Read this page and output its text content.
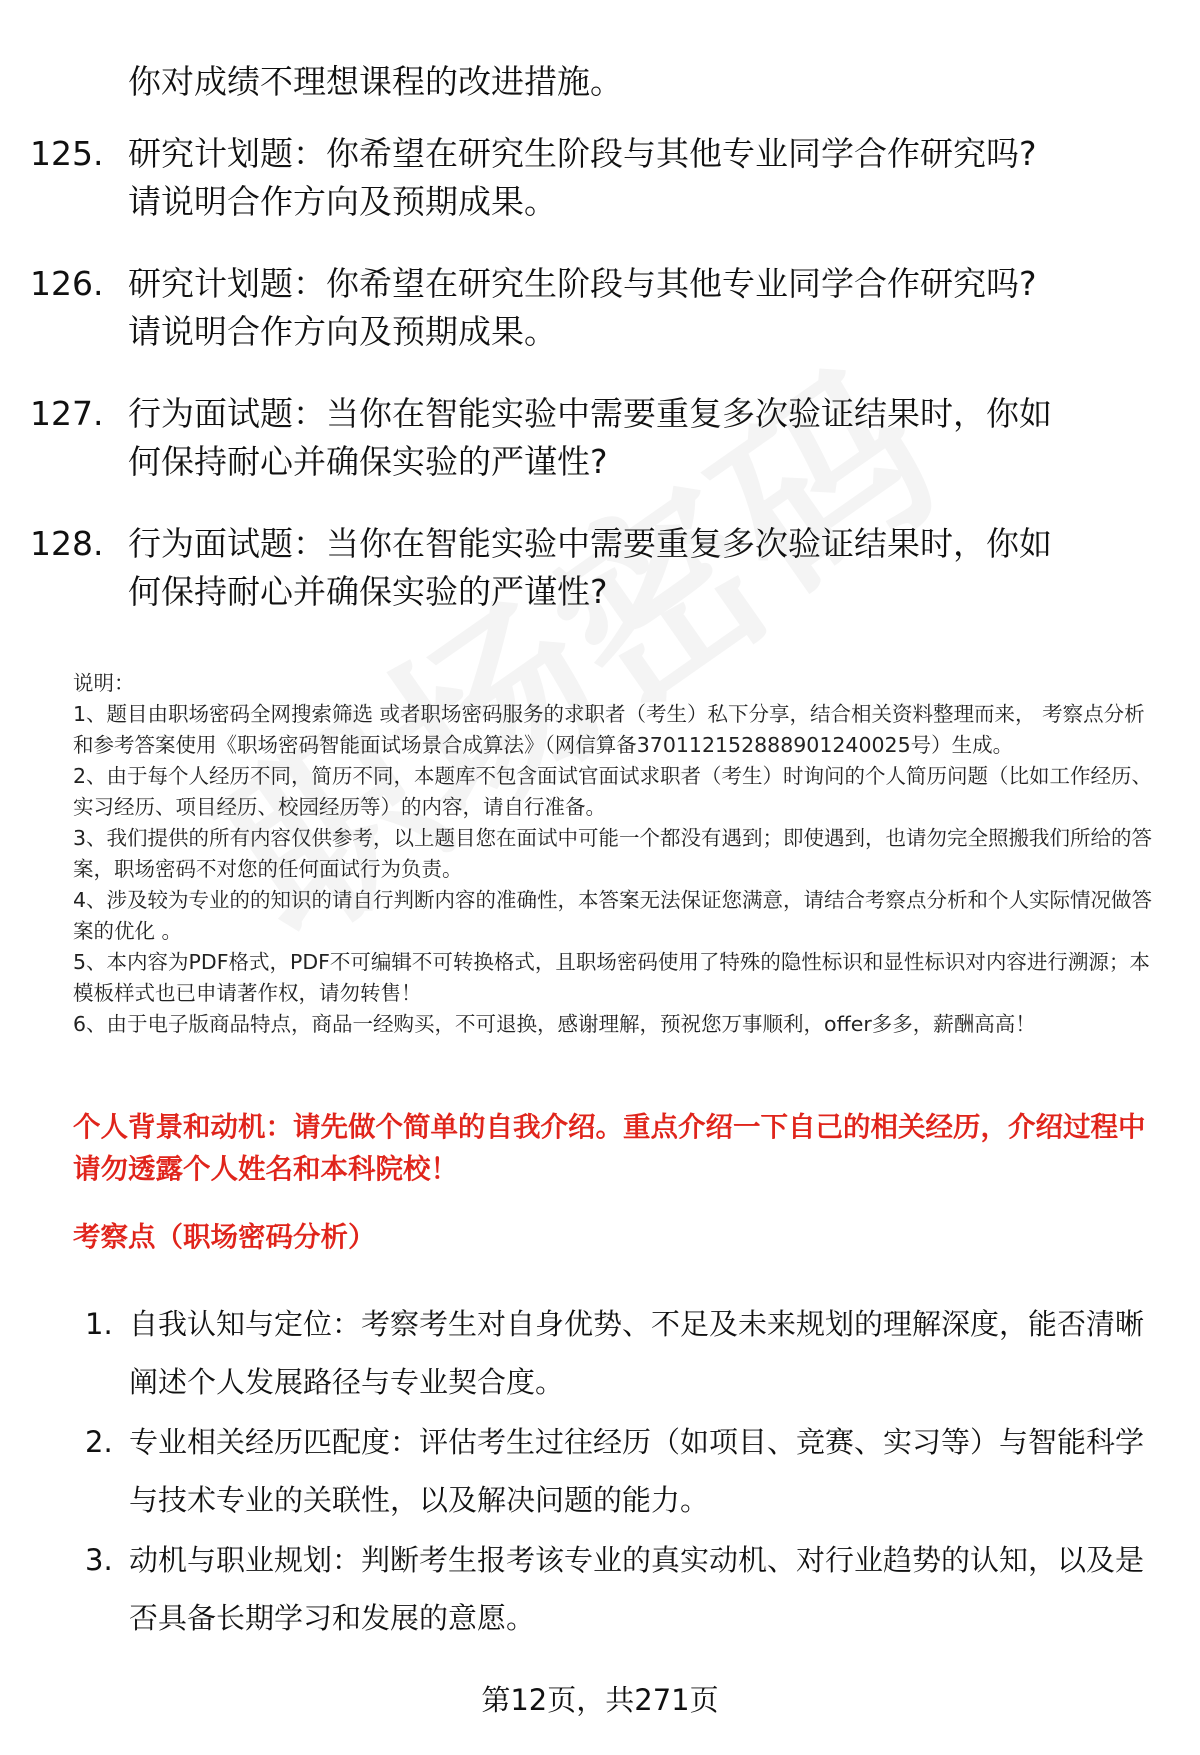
你对成绩不理想课程的改进措施。
125. 研究计划题：你希望在研究生阶段与其他专业同学合作研究吗?
请说明合作方向及预期成果。
126. 研究计划题：你希望在研究生阶段与其他专业同学合作研究吗?
请说明合作方向及预期成果。
127. 行为面试题：当你在智能实验中需要重复多次验证结果时，你如
何保持耐心并确保实验的严谨性?
128. 行为面试题：当你在智能实验中需要重复多次验证结果时，你如
何保持耐心并确保实验的严谨性?

说明：

1、题目由职场密码全网搜索筛选 或者职场密码服务的求职者（考生）私下分享，结合相关资料整理而来， 考察点分析和参考答案使用《职场密码智能面试场景合成算法》（网信算备370112152888901240025号）生成。

2、由于每个人经历不同，简历不同，本题库不包含面试官面试求职者（考生）时询问的个人简历问题（比如工作经历、实习经历、项目经历、校园经历等）的内容，请自行准备。

3、我们提供的所有内容仅供参考，以上题目您在面试中可能一个都没有遇到；即使遇到，也请勿完全照搬我们所给的答案，职场密码不对您的任何面试行为负责。

4、涉及较为专业的的知识的请自行判断内容的准确性，本答案无法保证您满意，请结合考察点分析和个人实际情况做答案的优化 。

5、本内容为PDF格式，PDF不可编辑不可转换格式，且职场密码使用了特殊的隐性标识和显性标识对内容进行溯源；本模板样式也已申请著作权，请勿转售！

6、由于电子版商品特点，商品一经购买，不可退换，感谢理解，预祝您万事顺利，offer多多，薪酬高高！

个人背景和动机：请先做个简单的自我介绍。重点介绍一下自己的相关经历，介绍过程中请勿透露个人姓名和本科院校！
考察点（职场密码分析）
1. 自我认知与定位：考察考生对自身优势、不足及未来规划的理解深度，能否清晰阐述个人发展路径与专业契合度。
2. 专业相关经历匹配度：评估考生过往经历（如项目、竞赛、实习等）与智能科学与技术专业的关联性，以及解决问题的能力。
3. 动机与职业规划：判断考生报考该专业的真实动机、对行业趋势的认知，以及是否具备长期学习和发展的意愿。
第12页，共271页
